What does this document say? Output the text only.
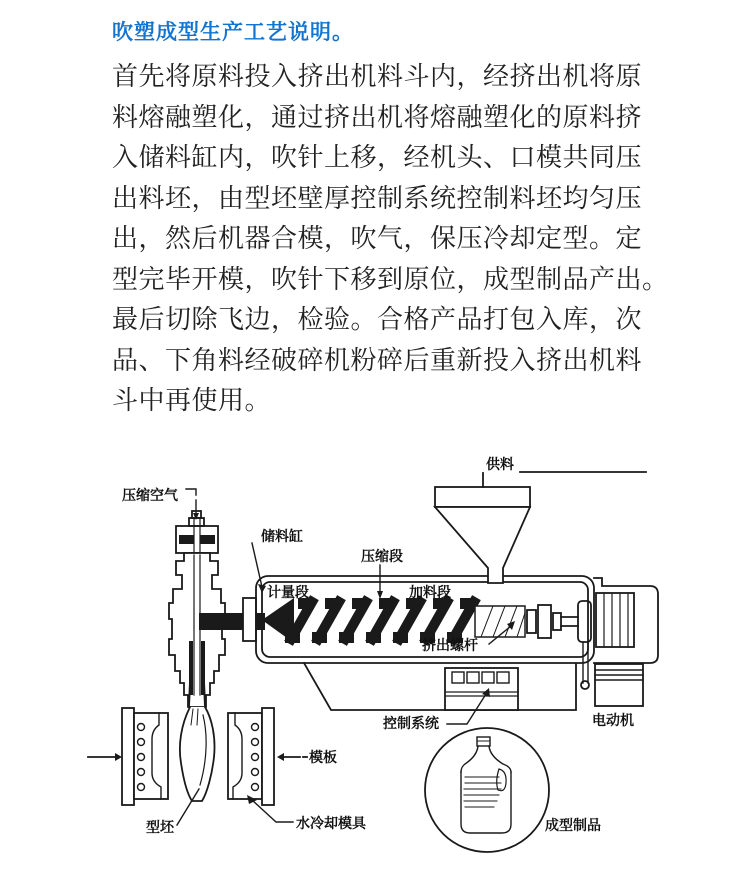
吹塑成型生产工艺说明。
首先将原料投入挤出机料斗内，经挤出机将原
料熔融塑化，通过挤出机将熔融塑化的原料挤
入储料缸内，吹针上移，经机头、口模共同压
出料坯，由型坯壁厚控制系统控制料坯均匀压
出，然后机器合模，吹气，保压冷却定型。定
型完毕开模，吹针下移到原位，成型制品产出。
最后切除飞边，检验。合格产品打包入库，次
品、下角料经破碎机粉碎后重新投入挤出机料
斗中再使用。
压缩空气
储料缸
压缩段
计量段	加料段
供料
挤出螺杆
控制系统	电动机
模板
型坯	水冷却模具	成型制品
